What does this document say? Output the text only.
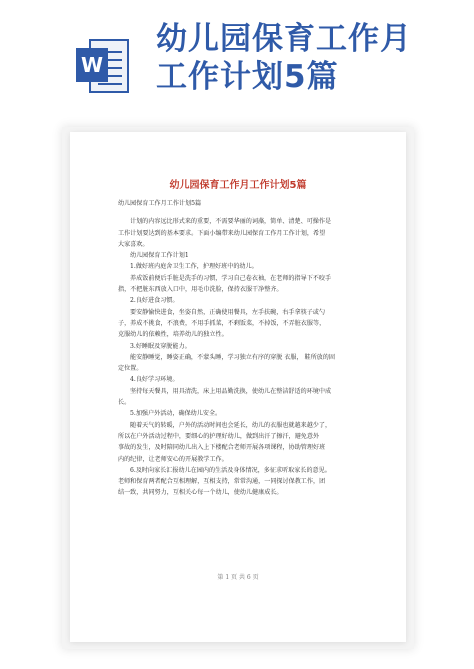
W
幼儿园保育工作月
工作计划5篇
幼儿园保育工作月工作计划5篇

幼儿园保育工作月工作计划5篇

计划的内容远比形式来的重要，不需要华丽的词藻，简单、清楚、可操作是

工作计划要达到的基本要求。下面小编带来幼儿园保育工作月工作计划，希望

大家喜欢。

幼儿园保育工作计划1

1.做好班内庭舍卫生工作，护理好班中的幼儿。

养成饭前便后手脏是洗手的习惯，学习自己卷衣袖，在老师的指导下不咬手

指，不把脏东西放入口中，用毛巾洗脸，保持衣服干净整齐。

2.良好进食习惯。

要安静愉快进食，坐姿自然，正确使用餐具，左手扶碗，右手拿筷子或勺

子，养成不挑食，不浪费，不用手抓菜，不剩饭菜，不掉饭，不弄脏衣服等，

克服幼儿的依赖性，培养幼儿的独立性。

3.好睡眠及穿脱能力。

能安静睡觉，睡姿正确，不蒙头睡，学习独立有序的穿脱 衣服， 鞋所放的固

定位置。

4.良好学习环境。

坚持每天餐具，用具清洗，床上用品勤洗换，使幼儿在整洁舒适的环境中成

长。

5.加强户外活动，确保幼儿安全。

随着天气的转暖，户外的活动时间也会延长，幼儿的衣服也就越来越少了，

所以在户外活动过程中，要细心的护理好幼儿，做到出汗了擦汗，避免意外

事故的发生，及时陪同幼儿出入上下楼配合老师开展各项课程，协助管理好班

内的纪律，让老师安心的开展教学工作。

6.及时向家长汇报幼儿在园内的生活及身体情况，多征求听取家长的意见。

老师和保育两者配合互相理解，互相支持，常常沟通，一同探讨保教工作，团

结一致，共同努力，互相关心每一个幼儿，使幼儿健康成长。

第 1 页 共 6 页
